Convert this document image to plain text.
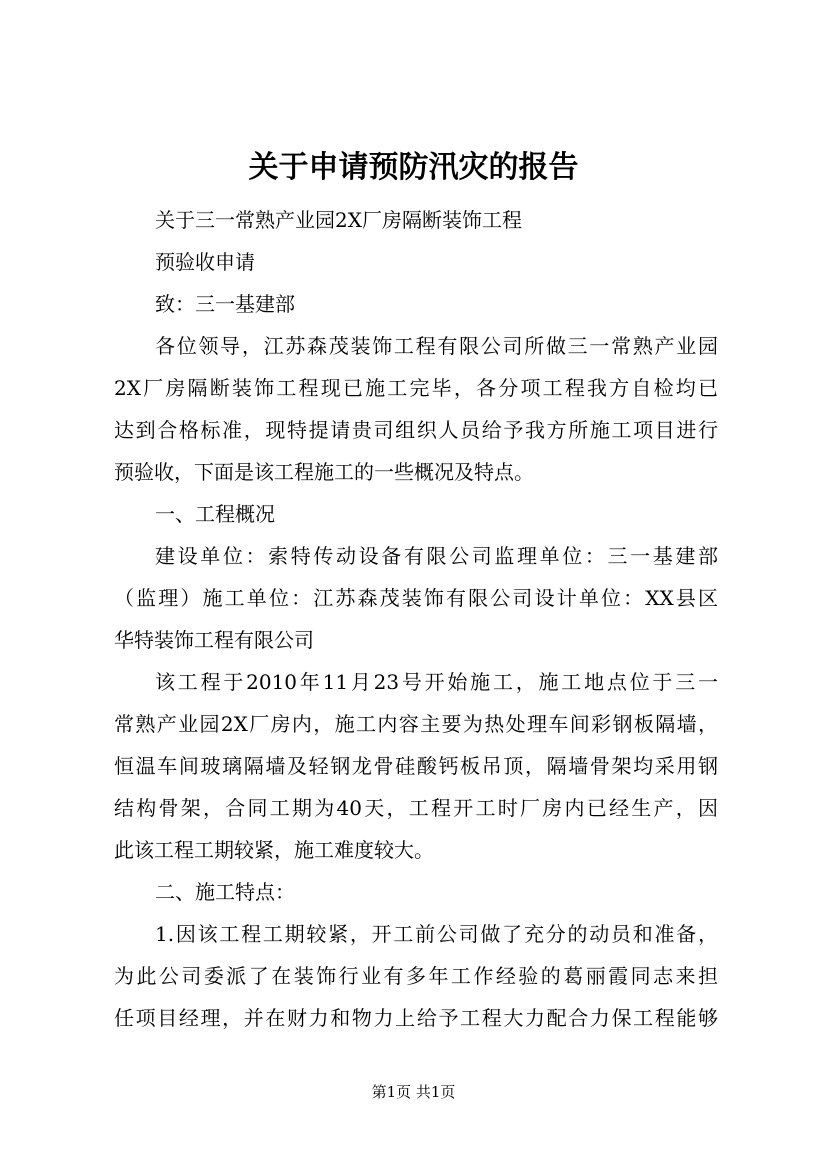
关于申请预防汛灾的报告
关于三一常熟产业园2X厂房隔断装饰工程
预验收申请
致：三一基建部
各位领导，江苏森茂装饰工程有限公司所做三一常熟产业园
2X厂房隔断装饰工程现已施工完毕，各分项工程我方自检均已
达到合格标准，现特提请贵司组织人员给予我方所施工项目进行
预验收，下面是该工程施工的一些概况及特点。
一、工程概况
建设单位：索特传动设备有限公司监理单位：三一基建部
（监理）施工单位：江苏森茂装饰有限公司设计单位：XX县区
华特装饰工程有限公司
该工程于2010年11月23号开始施工，施工地点位于三一
常熟产业园2X厂房内，施工内容主要为热处理车间彩钢板隔墙，
恒温车间玻璃隔墙及轻钢龙骨硅酸钙板吊顶，隔墙骨架均采用钢
结构骨架，合同工期为40天，工程开工时厂房内已经生产，因
此该工程工期较紧，施工难度较大。
二、施工特点：
1.因该工程工期较紧，开工前公司做了充分的动员和准备，
为此公司委派了在装饰行业有多年工作经验的葛丽霞同志来担
任项目经理，并在财力和物力上给予工程大力配合力保工程能够
第1页 共1页
